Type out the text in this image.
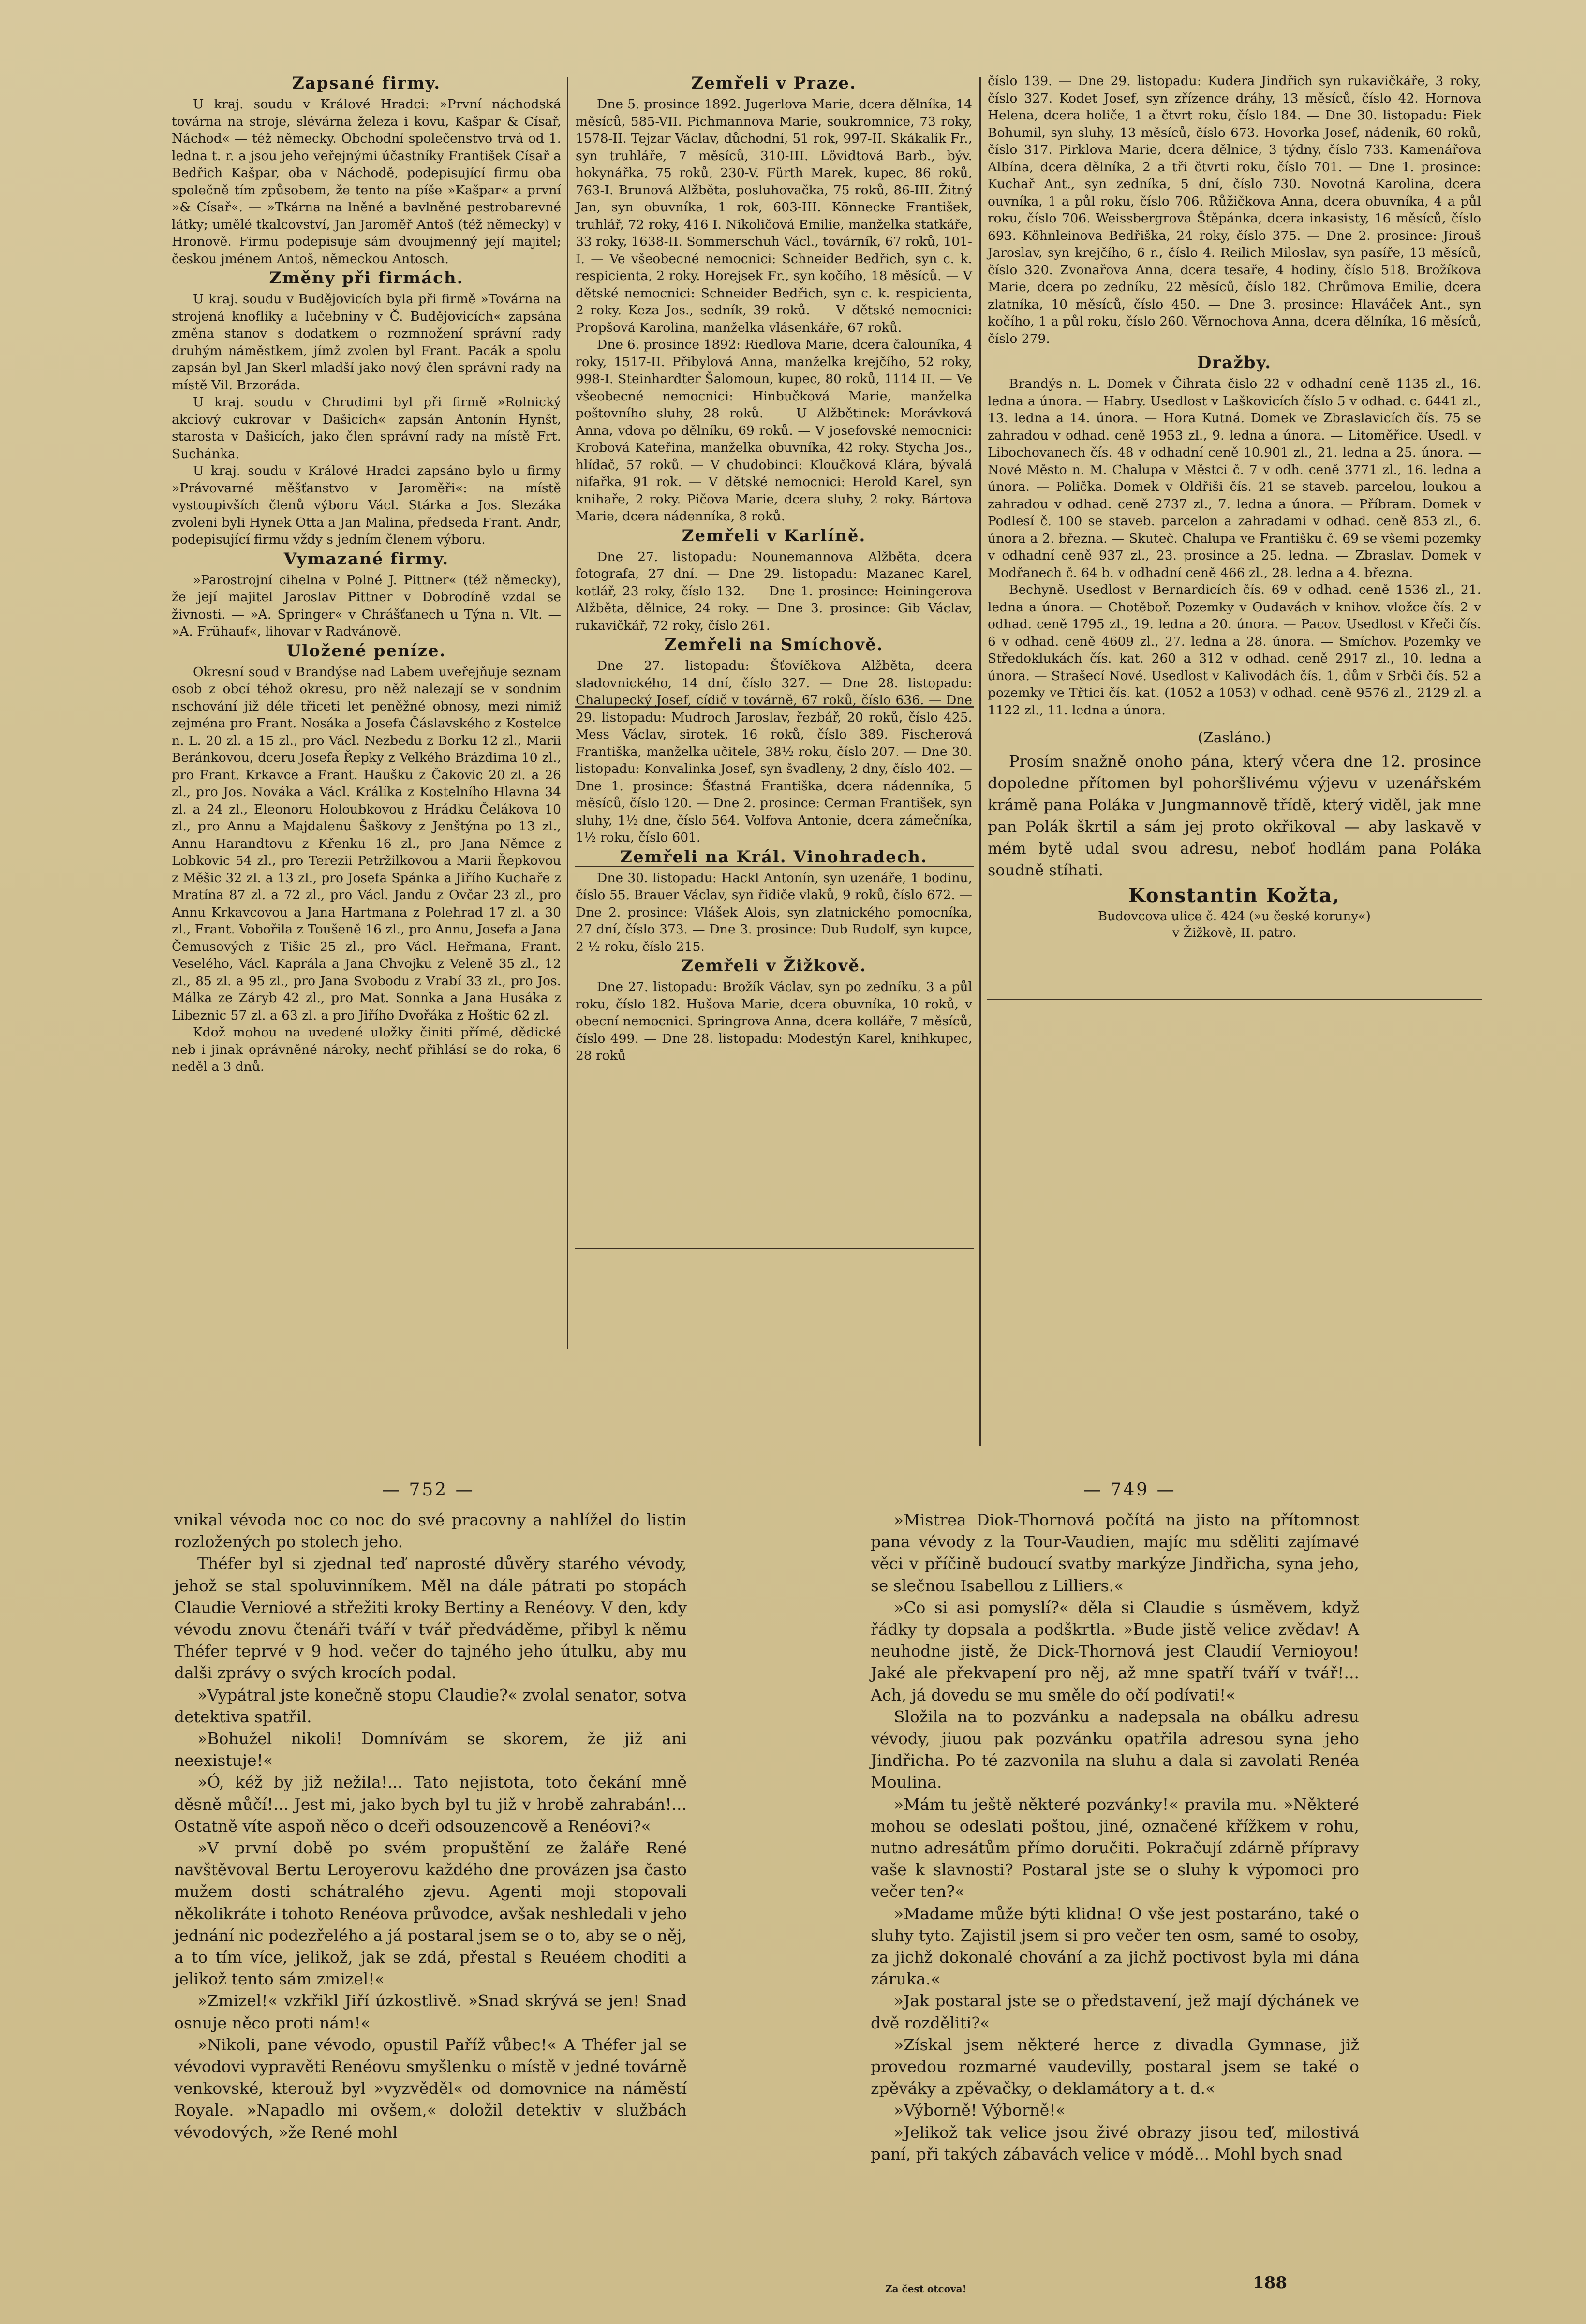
Zapsané firmy.

U kraj. soudu v Králové Hradci: »První náchodská továrna na stroje, slévárna železa i kovu, Kašpar & Císař, Náchod« — též německy. Obchodní společenstvo trvá od 1. ledna t. r. a jsou jeho veřejnými účastníky František Císař a Bedřich Kašpar, oba v Náchodě, podepisující firmu oba společně tím způsobem, že tento na píše »Kašpar« a první »& Císař«. — »Tkárna na lněné a bavlněné pestrobarevné látky; umělé tkalcovství, Jan Jaroměř Antoš (též německy) v Hronově. Firmu podepisuje sám dvoujmenný její majitel; českou jménem Antoš, německou Antosch.

Změny při firmách.

U kraj. soudu v Budějovicích byla při firmě »Továrna na strojená knoflíky a lučebniny v Č. Budějovicích« zapsána změna stanov s dodatkem o rozmnožení správní rady druhým náměstkem, jímž zvolen byl Frant. Pacák a spolu zapsán byl Jan Skerl mladší jako nový člen správní rady na místě Vil. Brzoráda.

U kraj. soudu v Chrudimi byl při firmě »Rolnický akciový cukrovar v Dašicích« zapsán Antonín Hynšt, starosta v Dašicích, jako člen správní rady na místě Frt. Suchánka.

U kraj. soudu v Králové Hradci zapsáno bylo u firmy »Právovarné měšťanstvo v Jaroměři«: na místě vystoupivších členů výboru Václ. Stárka a Jos. Slezáka zvoleni byli Hynek Otta a Jan Malina, předseda Frant. Andr, podepisující firmu vždy s jedním členem výboru.

Vymazané firmy.

»Parostrojní cihelna v Polné J. Pittner« (též německy), že její majitel Jaroslav Pittner v Dobrodíně vzdal se živnosti. — »A. Springer« v Chrášťanech u Týna n. Vlt. — »A. Frühauf«, lihovar v Radvánově.

Uložené peníze.

Okresní soud v Brandýse nad Labem uveřejňuje seznam osob z obcí téhož okresu, pro něž nalezají se v sondním nschování již déle třiceti let peněžné obnosy, mezi nimiž zejména pro Frant. Nosáka a Josefa Čáslavského z Kostelce n. L. 20 zl. a 15 zl., pro Václ. Nezbedu z Borku 12 zl., Marii Beránkovou, dceru Josefa Řepky z Velkého Brázdima 10 zl., pro Frant. Krkavce a Frant. Haušku z Čakovic 20 zl. a 26 zl., pro Jos. Nováka a Václ. Králíka z Kostelního Hlavna 34 zl. a 24 zl., Eleonoru Holoubkovou z Hrádku Čelákova 10 zl., pro Annu a Majdalenu Šaškovy z Jenštýna po 13 zl., Annu Harandtovu z Křenku 16 zl., pro Jana Němce z Lobkovic 54 zl., pro Terezii Petržilkovou a Marii Řepkovou z Měšic 32 zl. a 13 zl., pro Josefa Spánka a Jiřího Kuchaře z Mratína 87 zl. a 72 zl., pro Václ. Jandu z Ovčar 23 zl., pro Annu Krkavcovou a Jana Hartmana z Polehrad 17 zl. a 30 zl., Frant. Vobořila z Toušeně 16 zl., pro Annu, Josefa a Jana Čemusových z Tišic 25 zl., pro Václ. Heřmana, Frant. Veselého, Václ. Kaprála a Jana Chvojku z Veleně 35 zl., 12 zl., 85 zl. a 95 zl., pro Jana Svobodu z Vrabí 33 zl., pro Jos. Málka ze Záryb 42 zl., pro Mat. Sonnka a Jana Husáka z Libeznic 57 zl. a 63 zl. a pro Jiřího Dvořáka z Hoštic 62 zl.

Kdož mohou na uvedené uložky činiti přímé, dědické neb i jinak oprávněné nároky, nechť přihlásí se do roka, 6 neděl a 3 dnů.

Zemřeli v Praze.

Dne 5. prosince 1892. Jugerlova Marie, dcera dělníka, 14 měsíců, 585-VII. Pichmannova Marie, soukromnice, 73 roky, 1578-II. Tejzar Václav, důchodní, 51 rok, 997-II. Skákalík Fr., syn truhláře, 7 měsíců, 310-III. Lövidtová Barb., býv. hokynářka, 75 roků, 230-V. Fürth Marek, kupec, 86 roků, 763-I. Brunová Alžběta, posluhovačka, 75 roků, 86-III. Žitný Jan, syn obuvníka, 1 rok, 603-III. Könnecke František, truhlář, 72 roky, 416 I. Nikoličová Emilie, manželka statkáře, 33 roky, 1638-II. Sommerschuh Václ., továrník, 67 roků, 101-I. — Ve všeobecné nemocnici: Schneider Bedřich, syn c. k. respicienta, 2 roky. Horejsek Fr., syn kočího, 18 měsíců. — V dětské nemocnici: Schneider Bedřich, syn c. k. respicienta, 2 roky. Keza Jos., sedník, 39 roků. — V dětské nemocnici: Propšová Karolina, manželka vlásenkáře, 67 roků.

Dne 6. prosince 1892: Riedlova Marie, dcera čalouníka, 4 roky, 1517-II. Přibylová Anna, manželka krejčího, 52 roky, 998-I. Steinhardter Šalomoun, kupec, 80 roků, 1114 II. — Ve všeobecné nemocnici: Hinbučková Marie, manželka poštovního sluhy, 28 roků. — U Alžbětinek: Morávková Anna, vdova po dělníku, 69 roků. — V josefovské nemocnici: Krobová Kateřina, manželka obuvníka, 42 roky. Stycha Jos., hlídač, 57 roků. — V chudobinci: Kloučková Klára, bývalá nifařka, 91 rok. — V dětské nemocnici: Herold Karel, syn knihaře, 2 roky. Pičova Marie, dcera sluhy, 2 roky. Bártova Marie, dcera nádenníka, 8 roků.

Zemřeli v Karlíně.

Dne 27. listopadu: Nounemannova Alžběta, dcera fotografa, 27 dní. — Dne 29. listopadu: Mazanec Karel, kotlář, 23 roky, číslo 132. — Dne 1. prosince: Heiningerova Alžběta, dělnice, 24 roky. — Dne 3. prosince: Gib Václav, rukavičkář, 72 roky, číslo 261.

Zemřeli na Smíchově.

Dne 27. listopadu: Šťovíčkova Alžběta, dcera sladovnického, 14 dní, číslo 327. — Dne 28. listopadu: Chalupecký Josef, cídič v továrně, 67 roků, číslo 636. — Dne 29. listopadu: Mudroch Jaroslav, řezbář, 20 roků, číslo 425. Mess Václav, sirotek, 16 roků, číslo 389. Fischerová Františka, manželka učitele, 38½ roku, číslo 207. — Dne 30. listopadu: Konvalinka Josef, syn švadleny, 2 dny, číslo 402. — Dne 1. prosince: Šťastná Františka, dcera nádenníka, 5 měsíců, číslo 120. — Dne 2. prosince: Cerman František, syn sluhy, 1½ dne, číslo 564. Volfova Antonie, dcera zámečníka, 1½ roku, číslo 601.

Zemřeli na Král. Vinohradech.

Dne 30. listopadu: Hackl Antonín, syn uzenáře, 1 bodinu, číslo 55. Brauer Václav, syn řidiče vlaků, 9 roků, číslo 672. — Dne 2. prosince: Vlášek Alois, syn zlatnického pomocníka, 27 dní, číslo 373. — Dne 3. prosince: Dub Rudolf, syn kupce, 2 ½ roku, číslo 215.

Zemřeli v Žižkově.

Dne 27. listopadu: Brožík Václav, syn po zedníku, 3 a půl roku, číslo 182. Hušova Marie, dcera obuvníka, 10 roků, v obecní nemocnici. Springrova Anna, dcera kolláře, 7 měsíců, číslo 499. — Dne 28. listopadu: Modestýn Karel, knihkupec, 28 roků

číslo 139. — Dne 29. listopadu: Kudera Jindřich syn rukavičkáře, 3 roky, číslo 327. Kodet Josef, syn zřízence dráhy, 13 měsíců, číslo 42. Hornova Helena, dcera holiče, 1 a čtvrt roku, číslo 184. — Dne 30. listopadu: Fiek Bohumil, syn sluhy, 13 měsíců, číslo 673. Hovorka Josef, nádeník, 60 roků, číslo 317. Pirklova Marie, dcera dělnice, 3 týdny, číslo 733. Kamenářova Albína, dcera dělníka, 2 a tři čtvrti roku, číslo 701. — Dne 1. prosince: Kuchař Ant., syn zedníka, 5 dní, číslo 730. Novotná Karolina, dcera ouvníka, 1 a půl roku, číslo 706. Růžičkova Anna, dcera obuvníka, 4 a půl roku, číslo 706. Weissbergrova Štěpánka, dcera inkasisty, 16 měsíců, číslo 693. Köhnleinova Bedřiška, 24 roky, číslo 375. — Dne 2. prosince: Jirouš Jaroslav, syn krejčího, 6 r., číslo 4. Reilich Miloslav, syn pasíře, 13 měsíců, číslo 320. Zvonařova Anna, dcera tesaře, 4 hodiny, číslo 518. Brožíkova Marie, dcera po zedníku, 22 měsíců, číslo 182. Chrůmova Emilie, dcera zlatníka, 10 měsíců, číslo 450. — Dne 3. prosince: Hlaváček Ant., syn kočího, 1 a půl roku, číslo 260. Věrnochova Anna, dcera dělníka, 16 měsíců, číslo 279.

Dražby.

Brandýs n. L. Domek v Čihrata čislo 22 v odhadní ceně 1135 zl., 16. ledna a února. — Habry. Usedlost v Laškovicích číslo 5 v odhad. c. 6441 zl., 13. ledna a 14. února. — Hora Kutná. Domek ve Zbraslavicích čís. 75 se zahradou v odhad. ceně 1953 zl., 9. ledna a února. — Litoměřice. Usedl. v Libochovanech čís. 48 v odhadní ceně 10.901 zl., 21. ledna a 25. února. — Nové Město n. M. Chalupa v Městci č. 7 v odh. ceně 3771 zl., 16. ledna a února. — Polička. Domek v Oldřiši čís. 21 se staveb. parcelou, loukou a zahradou v odhad. ceně 2737 zl., 7. ledna a února. — Příbram. Domek v Podlesí č. 100 se staveb. parcelon a zahradami v odhad. ceně 853 zl., 6. února a 2. března. — Skuteč. Chalupa ve Františku č. 69 se všemi pozemky v odhadní ceně 937 zl., 23. prosince a 25. ledna. — Zbraslav. Domek v Modřanech č. 64 b. v odhadní ceně 466 zl., 28. ledna a 4. března.

Bechyně. Usedlost v Bernardicích čís. 69 v odhad. ceně 1536 zl., 21. ledna a února. — Chotěboř. Pozemky v Oudavách v knihov. vložce čís. 2 v odhad. ceně 1795 zl., 19. ledna a 20. února. — Pacov. Usedlost v Křeči čís. 6 v odhad. ceně 4609 zl., 27. ledna a 28. února. — Smíchov. Pozemky ve Středoklukách čís. kat. 260 a 312 v odhad. ceně 2917 zl., 10. ledna a února. — Strašecí Nové. Usedlost v Kalivodách čís. 1, dům v Srbči čís. 52 a pozemky ve Třtici čís. kat. (1052 a 1053) v odhad. ceně 9576 zl., 2129 zl. a 1122 zl., 11. ledna a února.

(Zasláno.)

Prosím snažně onoho pána, který včera dne 12. prosince dopoledne přítomen byl pohoršlivému výjevu v uzenářském krámě pana Poláka v Jungmannově třídě, který viděl, jak mne pan Polák škrtil a sám jej proto okřikoval — aby laskavě v mém bytě udal svou adresu, neboť hodlám pana Poláka soudně stíhati.

Konstantin Kožta,
Budovcova ulice č. 424 (»u české koruny«)
v Žižkově, II. patro.
— 752 —	— 749 —

vnikal vévoda noc co noc do své pracovny a nahlížel do listin rozložených po stolech jeho.

Théfer byl si zjednal teď naprosté důvěry starého vévody, jehož se stal spoluvinníkem. Měl na dále pátrati po stopách Claudie Verniové a střežiti kroky Bertiny a Renéovy. V den, kdy vévodu znovu čtenáři tváří v tvář předváděme, přibyl k němu Théfer teprvé v 9 hod. večer do tajného jeho útulku, aby mu dalši zprávy o svých krocích podal.

»Vypátral jste konečně stopu Claudie?« zvolal senator, sotva detektiva spatřil.

»Bohužel nikoli! Domnívám se skorem, že již ani neexistuje!«

»Ó, kéž by již nežila!... Tato nejistota, toto čekání mně děsně můčí!... Jest mi, jako bych byl tu již v hrobě zahrabán!... Ostatně víte aspoň něco o dceři odsouzencově a Renéovi?«

»V první době po svém propuštění ze žaláře René navštěvoval Bertu Leroyerovu každého dne provázen jsa často mužem dosti schátralého zjevu. Agenti moji stopovali několikráte i tohoto Renéova průvodce, avšak neshledali v jeho jednání nic podezřelého a já postaral jsem se o to, aby se o něj, a to tím více, jelikož, jak se zdá, přestal s Reuéem choditi a jelikož tento sám zmizel!«

»Zmizel!« vzkřikl Jiří úzkostlivě. »Snad skrývá se jen! Snad osnuje něco proti nám!«

»Nikoli, pane vévodo, opustil Paříž vůbec!« A Théfer jal se vévodovi vypravěti Renéovu smyšlenku o místě v jedné továrně venkovské, kterouž byl »vyzvěděl« od domovnice na náměstí Royale. »Napadlo mi ovšem,« doložil detektiv v službách vévodových, »že René mohl

»Mistrea Diok-Thornová počítá na jisto na přítomnost pana vévody z la Tour-Vaudien, majíc mu sděliti zajímavé věci v příčině budoucí svatby markýze Jindřicha, syna jeho, se slečnou Isabellou z Lilliers.«

»Co si asi pomyslí?« děla si Claudie s úsměvem, když řádky ty dopsala a podškrtla. »Bude jistě velice zvědav! A neuhodne jistě, že Dick-Thornová jest Claudií Vernioyou! Jaké ale překvapení pro něj, až mne spatří tváří v tvář!... Ach, já dovedu se mu směle do očí podívati!«

Složila na to pozvánku a nadepsala na obálku adresu vévody, jiuou pak pozvánku opatřila adresou syna jeho Jindřicha. Po té zazvonila na sluhu a dala si zavolati Renéa Moulina.

»Mám tu ještě některé pozvánky!« pravila mu. »Některé mohou se odeslati poštou, jiné, označené křížkem v rohu, nutno adresátům přímo doručiti. Pokračují zdárně přípravy vaše k slavnosti? Postaral jste se o sluhy k výpomoci pro večer ten?«

»Madame může býti klidna! O vše jest postaráno, také o sluhy tyto. Zajistil jsem si pro večer ten osm, samé to osoby, za jichž dokonalé chování a za jichž poctivost byla mi dána záruka.«

»Jak postaral jste se o představení, jež mají dýchánek ve dvě rozděliti?«

»Získal jsem některé herce z divadla Gymnase, již provedou rozmarné vaudevilly, postaral jsem se také o zpěváky a zpěvačky, o deklamátory a t. d.«

»Výborně! Výborně!«

»Jelikož tak velice jsou živé obrazy jisou teď, milostivá paní, při takých zábavách velice v módě... Mohl bych snad

Za čest otcova!	188
